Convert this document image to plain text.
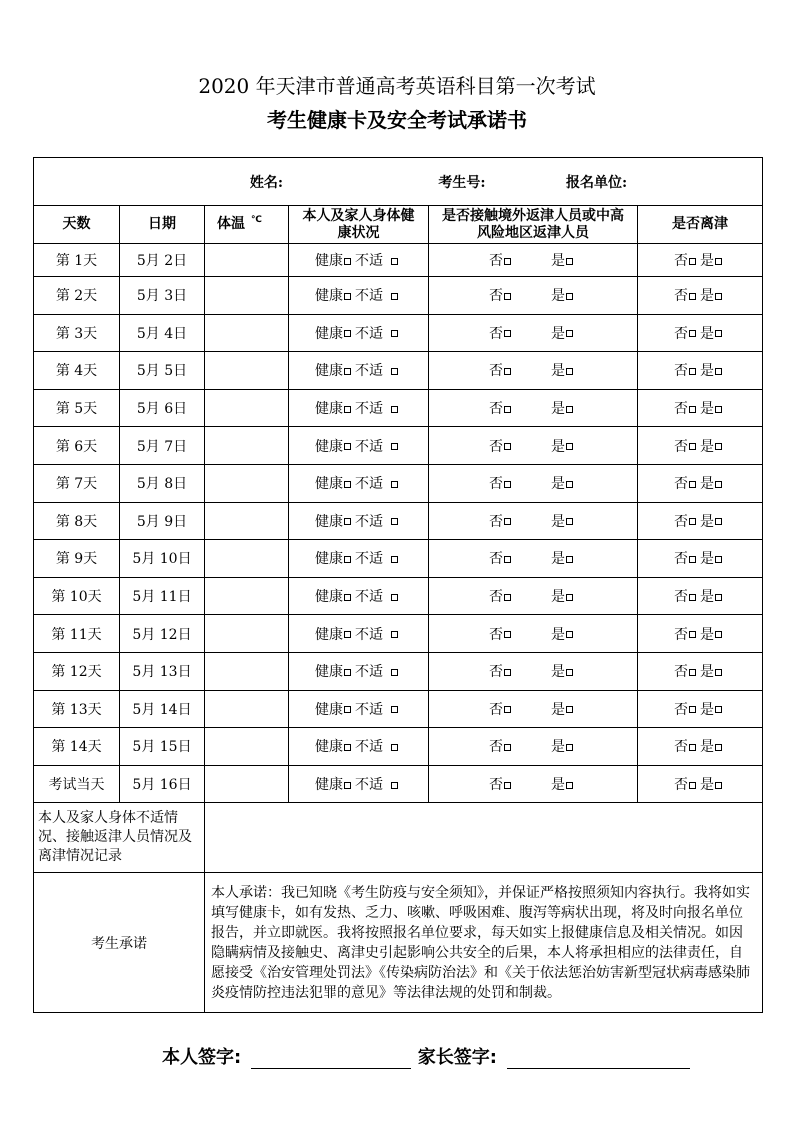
2020 年天津市普通高考英语科目第一次考试
考生健康卡及安全考试承诺书
姓名: 考生号: 报名单位:					
天数	日期	体温 ℃	本人及家人身体健康状况	是否接触境外返津人员或中高风险地区返津人员	是否离津
第 1天	5月 2日		健康 不适	否 是	否 是
第 2天	5月 3日		健康 不适	否 是	否 是
第 3天	5月 4日		健康 不适	否 是	否 是
第 4天	5月 5日		健康 不适	否 是	否 是
第 5天	5月 6日		健康 不适	否 是	否 是
第 6天	5月 7日		健康 不适	否 是	否 是
第 7天	5月 8日		健康 不适	否 是	否 是
第 8天	5月 9日		健康 不适	否 是	否 是
第 9天	5月 10日		健康 不适	否 是	否 是
第 10天	5月 11日		健康 不适	否 是	否 是
第 11天	5月 12日		健康 不适	否 是	否 是
第 12天	5月 13日		健康 不适	否 是	否 是
第 13天	5月 14日		健康 不适	否 是	否 是
第 14天	5月 15日		健康 不适	否 是	否 是
考试当天	5月 16日		健康 不适	否 是	否 是
本人及家人身体不适情况、接触返津人员情况及离津情况记录					
考生承诺		本人承诺：我已知晓《考生防疫与安全须知》，并保证严格按照须知内容执行。我将如实填写健康卡，如有发热、乏力、咳嗽、呼吸困难、腹泻等病状出现，将及时向报名单位报告，并立即就医。我将按照报名单位要求，每天如实上报健康信息及相关情况。如因隐瞒病情及接触史、离津史引起影响公共安全的后果，本人将承担相应的法律责任，自愿接受《治安管理处罚法》《传染病防治法》和《关于依法惩治妨害新型冠状病毒感染肺炎疫情防控违法犯罪的意见》等法律法规的处罚和制裁。			
本人签字:	家长签字:
